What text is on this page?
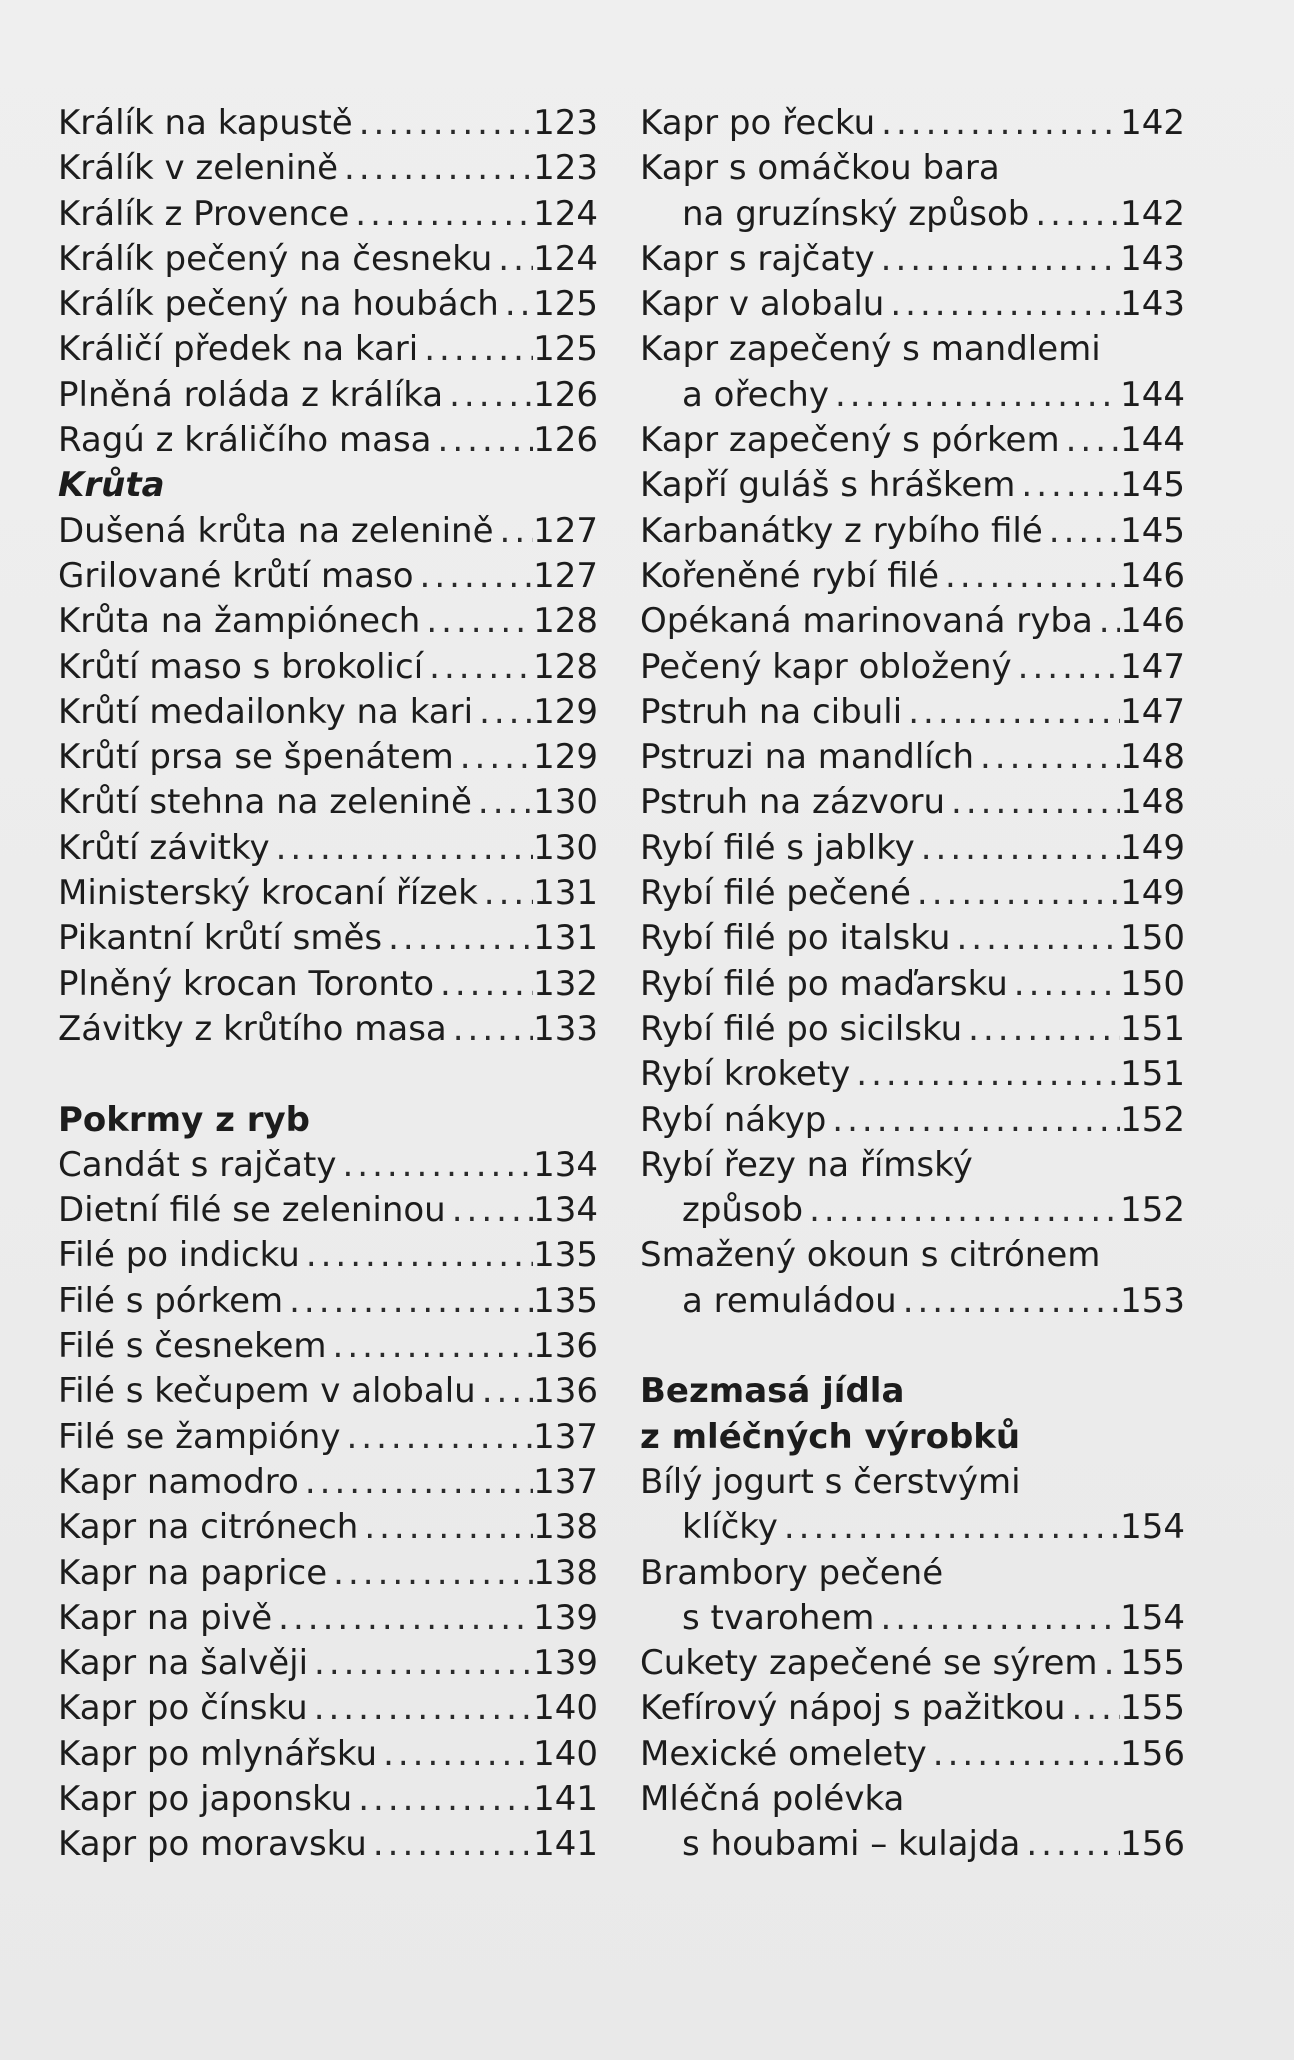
Králík na kapustě .....	123
Králík v zelenině .....	123
Králík z Provence .....	124
Králík pečený na česneku ..... 124
Králík pečený na houbách ..... 125
Králičí předek na kari .....	125
Plněná roláda z králíka .....	126
Ragú z králičího masa .....	126
Krůta
Dušená krůta na zelenině ..... 127
Grilované krůtí maso .....	127
Krůta na žampiónech .....	128
Krůtí maso s brokolicí .....	128
Krůtí medailonky na kari ..... 129
Krůtí prsa se špenátem ..... 129
Krůtí stehna na zelenině ..... 130
Krůtí závitky .....	130
Ministerský krocaní řízek ..... 131
Pikantní krůtí směs .....	131
Plněný krocan Toronto .....	132
Závitky z krůtího masa .....	133
Pokrmy z ryb
Candát s rajčaty .....	134
Dietní filé se zeleninou .....	134
Filé po indicku .....	135
Filé s pórkem .....	135
Filé s česnekem .....	136
Filé s kečupem v alobalu ..... 136
Filé se žampióny .....	137
Kapr namodro .....	137
Kapr na citrónech .....	138
Kapr na paprice .....	138
Kapr na pivě .....	139
Kapr na šalvěji .....	139
Kapr po čínsku .....	140
Kapr po mlynářsku .....	140
Kapr po japonsku .....	141
Kapr po moravsku .....	141
Kapr po řecku .....	142
Kapr s omáčkou bara
na gruzínský způsob .....	142
Kapr s rajčaty .....	143
Kapr v alobalu .....	143
Kapr zapečený s mandlemi
a ořechy .....	144
Kapr zapečený s pórkem ..... 144
Kapří guláš s hráškem .....	145
Karbanátky z rybího filé ..... 145
Kořeněné rybí filé .....	146
Opékaná marinovaná ryba ..... 146
Pečený kapr obložený .....	147
Pstruh na cibuli .....	147
Pstruzi na mandlích .....	148
Pstruh na zázvoru .....	148
Rybí filé s jablky .....	149
Rybí filé pečené .....	149
Rybí filé po italsku .....	150
Rybí filé po maďarsku .....	150
Rybí filé po sicilsku .....	151
Rybí krokety .....	151
Rybí nákyp .....	152
Rybí řezy na římský
způsob .....	152
Smažený okoun s citrónem
a remuládou .....	153
Bezmasá jídla
z mléčných výrobků
Bílý jogurt s čerstvými
klíčky .....	154
Brambory pečené
s tvarohem .....	154
Cukety zapečené se sýrem ..... 155
Kefírový nápoj s pažitkou ..... 155
Mexické omelety .....	156
Mléčná polévka
s houbami – kulajda .....	156
